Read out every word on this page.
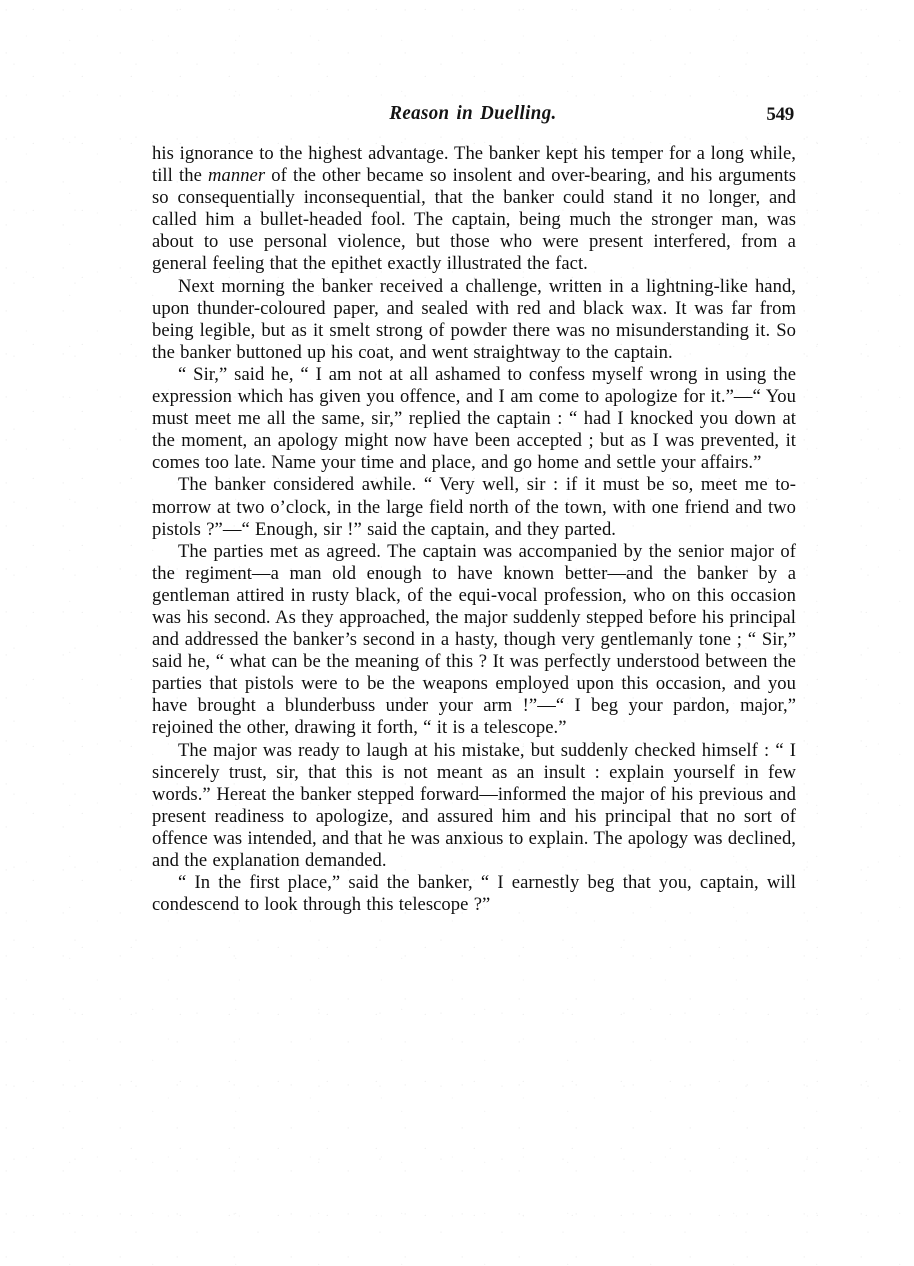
Reason in Duelling.	549

his ignorance to the highest advantage. The banker kept his temper for a long while, till the manner of the other became so insolent and over-bearing, and his arguments so consequentially inconsequential, that the banker could stand it no longer, and called him a bullet-headed fool. The captain, being much the stronger man, was about to use personal violence, but those who were present interfered, from a general feeling that the epithet exactly illustrated the fact.

Next morning the banker received a challenge, written in a lightning-like hand, upon thunder-coloured paper, and sealed with red and black wax. It was far from being legible, but as it smelt strong of powder there was no misunderstanding it. So the banker buttoned up his coat, and went straightway to the captain.

“ Sir,” said he, “ I am not at all ashamed to confess myself wrong in using the expression which has given you offence, and I am come to apologize for it.”—“ You must meet me all the same, sir,” replied the captain : “ had I knocked you down at the moment, an apology might now have been accepted ; but as I was prevented, it comes too late. Name your time and place, and go home and settle your affairs.”

The banker considered awhile. “ Very well, sir : if it must be so, meet me to-morrow at two o’clock, in the large field north of the town, with one friend and two pistols ?”—“ Enough, sir !” said the captain, and they parted.

The parties met as agreed. The captain was accompanied by the senior major of the regiment—a man old enough to have known better—and the banker by a gentleman attired in rusty black, of the equi-vocal profession, who on this occasion was his second. As they approached, the major suddenly stepped before his principal and addressed the banker’s second in a hasty, though very gentlemanly tone ; “ Sir,” said he, “ what can be the meaning of this ? It was perfectly understood between the parties that pistols were to be the weapons employed upon this occasion, and you have brought a blunderbuss under your arm !”—“ I beg your pardon, major,” rejoined the other, drawing it forth, “ it is a telescope.”

The major was ready to laugh at his mistake, but suddenly checked himself : “ I sincerely trust, sir, that this is not meant as an insult : explain yourself in few words.” Hereat the banker stepped forward—informed the major of his previous and present readiness to apologize, and assured him and his principal that no sort of offence was intended, and that he was anxious to explain. The apology was declined, and the explanation demanded.

“ In the first place,” said the banker, “ I earnestly beg that you, captain, will condescend to look through this telescope ?”
